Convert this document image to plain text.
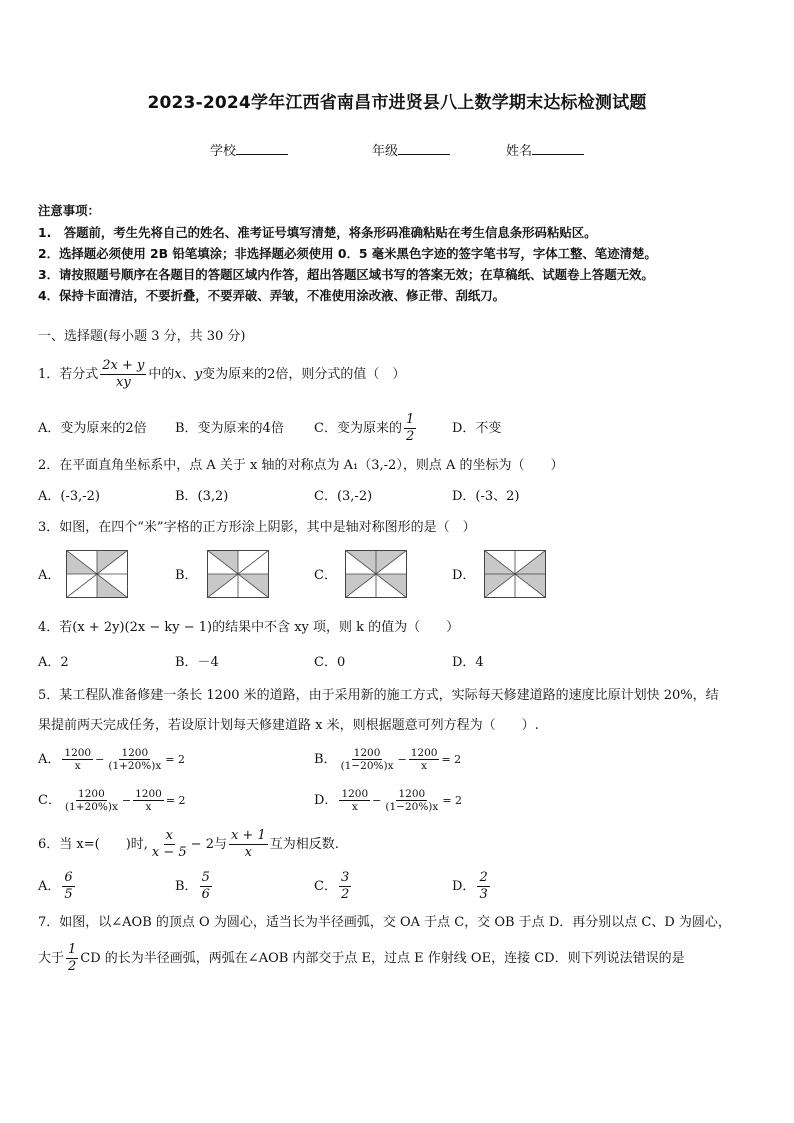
2023-2024学年江西省南昌市进贤县八上数学期末达标检测试题
学校	年级	姓名
注意事项：
1.　答题前，考生先将自己的姓名、准考证号填写清楚，将条形码准确粘贴在考生信息条形码粘贴区。
2．选择题必须使用 2B 铅笔填涂；非选择题必须使用 0．5 毫米黑色字迹的签字笔书写，字体工整、笔迹清楚。
3．请按照题号顺序在各题目的答题区域内作答，超出答题区域书写的答案无效；在草稿纸、试题卷上答题无效。
4．保持卡面清洁，不要折叠，不要弄破、弄皱，不准使用涂改液、修正带、刮纸刀。
一、选择题(每小题 3 分，共 30 分)
1．若分式 $\frac{2x + y}{xy}$ 中的x、y变为原来的2倍，则分式的值（　）
A．变为原来的2倍 B．变为原来的4倍 C．变为原来的 $\frac{1}{2}$	D．不变
2．在平面直角坐标系中，点 A 关于 x 轴的对称点为 A₁（3,-2），则点 A 的坐标为（　　）
A．(-3,-2)	B．(3,2)	C．(3,-2)	D．(-3、2)
3．如图，在四个“米”字格的正方形涂上阴影，其中是轴对称图形的是（　）
A．	B．	C．	D．
4．若(x + 2y)(2x − ky − 1)的结果中不含 xy 项，则 k 的值为（　　）
A．2	B．－4	C．0	D．4
5．某工程队准备修建一条长 1200 米的道路，由于采用新的施工方式，实际每天修建道路的速度比原计划快 20%，结
果提前两天完成任务，若设原计划每天修建道路 x 米，则根据题意可列方程为（　　）.
A． $\frac{1200}{x} - \frac{1200}{(1+20\%)x} = 2$	B． $\frac{1200}{(1-20\%)x} - \frac{1200}{x} = 2$
C． $\frac{1200}{(1+20\%)x} - \frac{1200}{x} = 2$	D． $\frac{1200}{x} - \frac{1200}{(1-20\%)x} = 2$
6．当 x=(　　)时, $\frac{x}{x - 5} - 2$与 $\frac{x + 1}{x}$ 互为相反数.
A． $\frac{6}{5}$	B． $\frac{5}{6}$	C． $\frac{3}{2}$	D． $\frac{2}{3}$
7．如图，以∠AOB 的顶点 O 为圆心，适当长为半径画弧，交 OA 于点 C，交 OB 于点 D．再分别以点 C、D 为圆心，
大于 $\frac{1}{2}$ CD 的长为半径画弧，两弧在∠AOB 内部交于点 E，过点 E 作射线 OE，连接 CD．则下列说法错误的是
